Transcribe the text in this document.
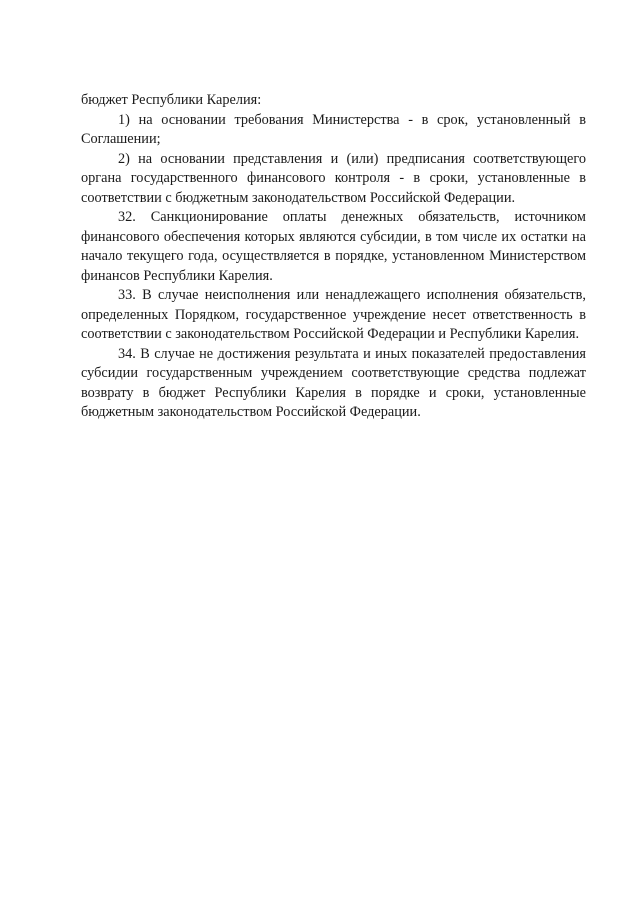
бюджет Республики Карелия:

1) на основании требования Министерства - в срок, установленный в Соглашении;

2) на основании представления и (или) предписания соответствующего органа государственного финансового контроля - в сроки, установленные в соответствии с бюджетным законодательством Российской Федерации.

32. Санкционирование оплаты денежных обязательств, источником финансового обеспечения которых являются субсидии, в том числе их остатки на начало текущего года, осуществляется в порядке, установленном Министерством финансов Республики Карелия.

33. В случае неисполнения или ненадлежащего исполнения обязательств, определенных Порядком, государственное учреждение несет ответственность в соответствии с законодательством Российской Федерации и Республики Карелия.

34. В случае не достижения результата и иных показателей предоставления субсидии государственным учреждением соответствующие средства подлежат возврату в бюджет Республики Карелия в порядке и сроки, установленные бюджетным законодательством Российской Федерации.
